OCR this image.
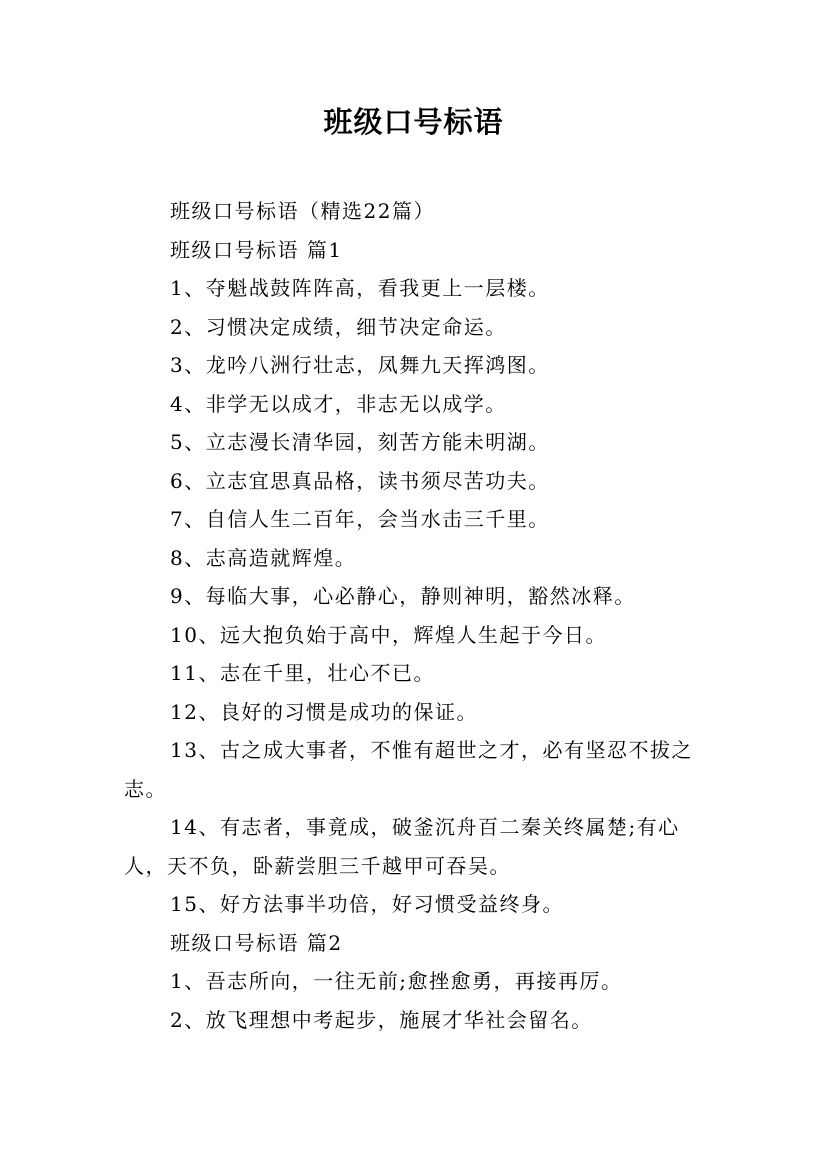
班级口号标语

班级口号标语（精选22篇）

班级口号标语 篇1

1、夺魁战鼓阵阵高，看我更上一层楼。

2、习惯决定成绩，细节决定命运。

3、龙吟八洲行壮志，凤舞九天挥鸿图。

4、非学无以成才，非志无以成学。

5、立志漫长清华园，刻苦方能未明湖。

6、立志宜思真品格，读书须尽苦功夫。

7、自信人生二百年，会当水击三千里。

8、志高造就辉煌。

9、每临大事，心必静心，静则神明，豁然冰释。

10、远大抱负始于高中，辉煌人生起于今日。

11、志在千里，壮心不已。

12、良好的习惯是成功的保证。

13、古之成大事者，不惟有超世之才，必有坚忍不拔之志。

14、有志者，事竟成，破釜沉舟百二秦关终属楚;有心人，天不负，卧薪尝胆三千越甲可吞吴。

15、好方法事半功倍，好习惯受益终身。

班级口号标语 篇2

1、吾志所向，一往无前;愈挫愈勇，再接再厉。

2、放飞理想中考起步，施展才华社会留名。
